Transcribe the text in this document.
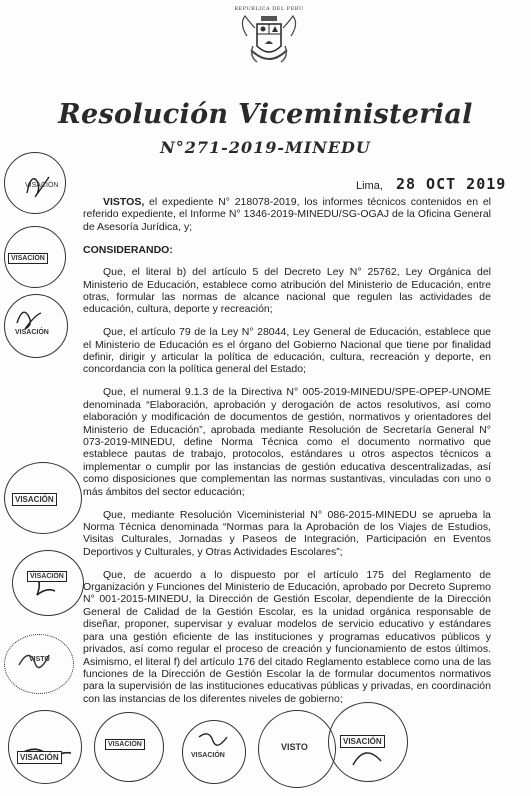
REPUBLICA DEL PERU
Resolución Viceministerial
N°271-2019-MINEDU
Lima, 28 OCT 2019

VISTOS, el expediente N° 218078-2019, los informes técnicos contenidos en el referido expediente, el Informe N° 1346-2019-MINEDU/SG-OGAJ de la Oficina General de Asesoría Jurídica, y;

CONSIDERANDO:

Que, el literal b) del artículo 5 del Decreto Ley N° 25762, Ley Orgánica del Ministerio de Educación, establece como atribución del Ministerio de Educación, entre otras, formular las normas de alcance nacional que regulen las actividades de educación, cultura, deporte y recreación;

Que, el artículo 79 de la Ley N° 28044, Ley General de Educación, establece que el Ministerio de Educación es el órgano del Gobierno Nacional que tiene por finalidad definir, dirigir y articular la política de educación, cultura, recreación y deporte, en concordancia con la política general del Estado;

Que, el numeral 9.1.3 de la Directiva N° 005-2019-MINEDU/SPE-OPEP-UNOME denominada “Elaboración, aprobación y derogación de actos resolutivos, así como elaboración y modificación de documentos de gestión, normativos y orientadores del Ministerio de Educación”, aprobada mediante Resolución de Secretaría General N° 073-2019-MINEDU, define Norma Técnica como el documento normativo que establece pautas de trabajo, protocolos, estándares u otros aspectos técnicos a implementar o cumplir por las instancias de gestión educativa descentralizadas, así como disposiciones que complementan las normas sustantivas, vinculadas con uno o más ámbitos del sector educación;

Que, mediante Resolución Viceministerial N° 086-2015-MINEDU se aprueba la Norma Técnica denominada “Normas para la Aprobación de los Viajes de Estudios, Visitas Culturales, Jornadas y Paseos de Integración, Participación en Eventos Deportivos y Culturales, y Otras Actividades Escolares”;

Que, de acuerdo a lo dispuesto por el artículo 175 del Reglamento de Organización y Funciones del Ministerio de Educación, aprobado por Decreto Supremo N° 001-2015-MINEDU, la Dirección de Gestión Escolar, dependiente de la Dirección General de Calidad de la Gestión Escolar, es la unidad orgánica responsable de diseñar, proponer, supervisar y evaluar modelos de servicio educativo y estándares para una gestión eficiente de las instituciones y programas educativos públicos y privados, así como regular el proceso de creación y funcionamiento de estos últimos. Asimismo, el literal f) del artículo 176 del citado Reglamento establece como una de las funciones de la Dirección de Gestión Escolar la de formular documentos normativos para la supervisión de las instituciones educativas públicas y privadas, en coordinación con las instancias de los diferentes niveles de gobierno;

VISACIÓN
VISACIÓN
VISACIÓN
VISACIÓN
VISACIÓN
VISTO
VISACIÓN
VISACIÓN
VISACIÓN
VISTO
VISACIÓN
